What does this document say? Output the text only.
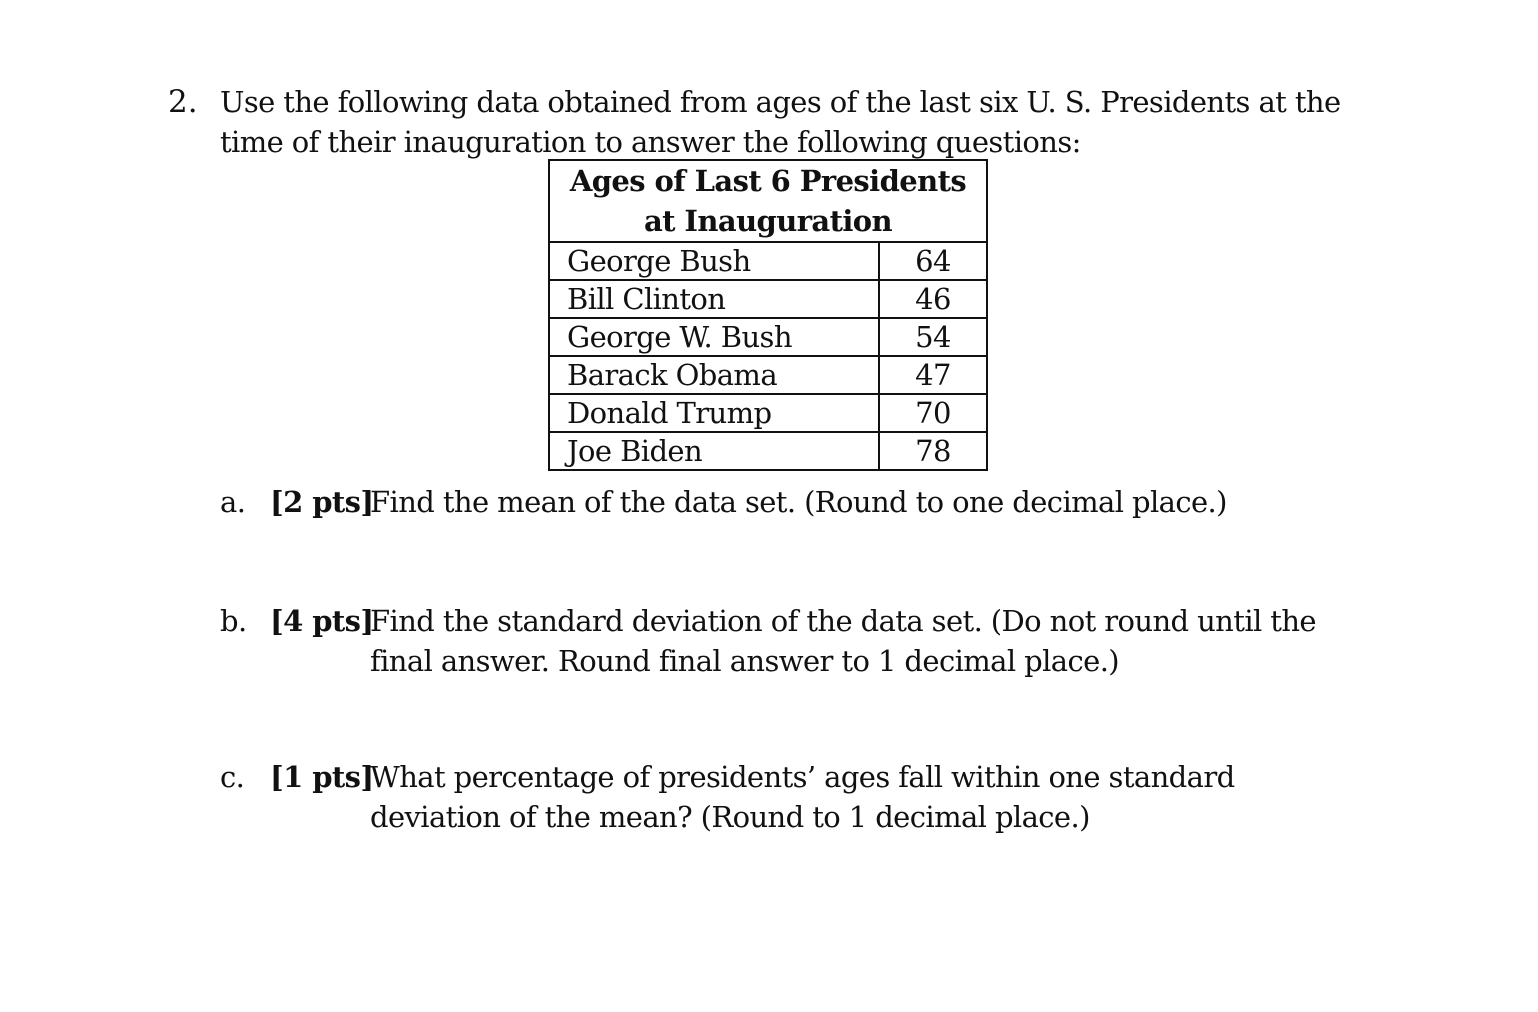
2. Use the following data obtained from ages of the last six U. S. Presidents at the time of their inauguration to answer the following questions:
Ages of Last 6 Presidents
at Inauguration	

George Bush	64
Bill Clinton	46
George W. Bush	54
Barack Obama	47
Donald Trump	70
Joe Biden	78
a. [2 pts]
Find the mean of the data set. (Round to one decimal place.)
b. [4 pts]
Find the standard deviation of the data set. (Do not round until the
final answer. Round final answer to 1 decimal place.)
c. [1 pts]
What percentage of presidents’ ages fall within one standard
deviation of the mean? (Round to 1 decimal place.)
